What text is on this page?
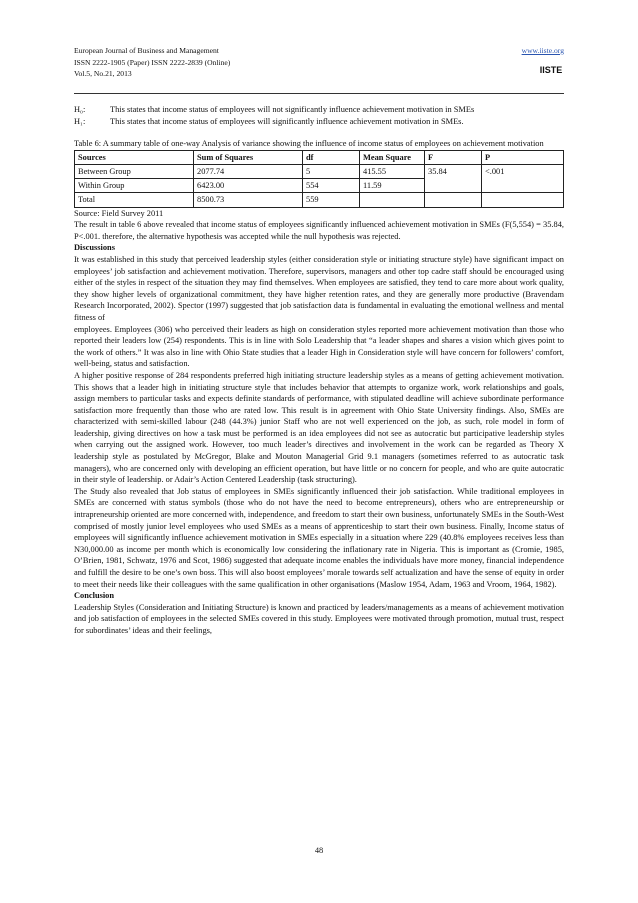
European Journal of Business and Management
ISSN 2222-1905 (Paper) ISSN 2222-2839 (Online)
Vol.5, No.21, 2013
www.iiste.org
IISTE
H₀:	This states that income status of employees will not significantly influence achievement motivation in SMEs
H₁:	This states that income status of employees will significantly influence achievement motivation in SMEs.

Table 6: A summary table of one-way Analysis of variance showing the influence of income status of employees on achievement motivation

Sources	Sum of Squares	df	Mean Square	F	P
Between Group	2077.74	5	415.55	35.84	<.001
Within Group	6423.00	554	11.59		
Total	8500.73	559			

Source: Field Survey 2011

The result in table 6 above revealed that income status of employees significantly influenced achievement motivation in SMEs (F(5,554) = 35.84, P<.001. therefore, the alternative hypothesis was accepted while the null hypothesis was rejected.

Discussions

It was established in this study that perceived leadership styles (either consideration style or initiating structure style) have significant impact on employees’ job satisfaction and achievement motivation. Therefore, supervisors, managers and other top cadre staff should be encouraged using either of the styles in respect of the situation they may find themselves. When employees are satisfied, they tend to care more about work quality, they show higher levels of organizational commitment, they have higher retention rates, and they are generally more productive (Bravendam Research Incorporated, 2002). Spector (1997) suggested that job satisfaction data is fundamental in evaluating the emotional wellness and mental fitness of

employees. Employees (306) who perceived their leaders as high on consideration styles reported more achievement motivation than those who reported their leaders low (254) respondents. This is in line with Solo Leadership that “a leader shapes and shares a vision which gives point to the work of others.” It was also in line with Ohio State studies that a leader High in Consideration style will have concern for followers’ comfort, well-being, status and satisfaction.

A higher positive response of 284 respondents preferred high initiating structure leadership styles as a means of getting achievement motivation. This shows that a leader high in initiating structure style that includes behavior that attempts to organize work, work relationships and goals, assign members to particular tasks and expects definite standards of performance, with stipulated deadline will achieve subordinate performance satisfaction more frequently than those who are rated low. This result is in agreement with Ohio State University findings. Also, SMEs are characterized with semi-skilled labour (248 (44.3%) junior Staff who are not well experienced on the job, as such, role model in form of leadership, giving directives on how a task must be performed is an idea employees did not see as autocratic but participative leadership styles when carrying out the assigned work. However, too much leader’s directives and involvement in the work can be regarded as Theory X leadership style as postulated by McGregor, Blake and Mouton Managerial Grid 9.1 managers (sometimes referred to as autocratic task managers), who are concerned only with developing an efficient operation, but have little or no concern for people, and who are quite autocratic in their style of leadership. or Adair’s Action Centered Leadership (task structuring).

The Study also revealed that Job status of employees in SMEs significantly influenced their job satisfaction. While traditional employees in SMEs are concerned with status symbols (those who do not have the need to become entrepreneurs), others who are entrepreneurship or intrapreneurship oriented are more concerned with, independence, and freedom to start their own business, unfortunately SMEs in the South-West comprised of mostly junior level employees who used SMEs as a means of apprenticeship to start their own business. Finally, Income status of employees will significantly influence achievement motivation in SMEs especially in a situation where 229 (40.8% employees receives less than N30,000.00 as income per month which is economically low considering the inflationary rate in Nigeria. This is important as (Cromie, 1985, O’Brien, 1981, Schwatz, 1976 and Scot, 1986) suggested that adequate income enables the individuals have more money, financial independence and fulfill the desire to be one’s own boss. This will also boost employees’ morale towards self actualization and have the sense of equity in order to meet their needs like their colleagues with the same qualification in other organisations (Maslow 1954, Adam, 1963 and Vroom, 1964, 1982).

Conclusion

Leadership Styles (Consideration and Initiating Structure) is known and practiced by leaders/managements as a means of achievement motivation and job satisfaction of employees in the selected SMEs covered in this study. Employees were motivated through promotion, mutual trust, respect for subordinates’ ideas and their feelings,

48
